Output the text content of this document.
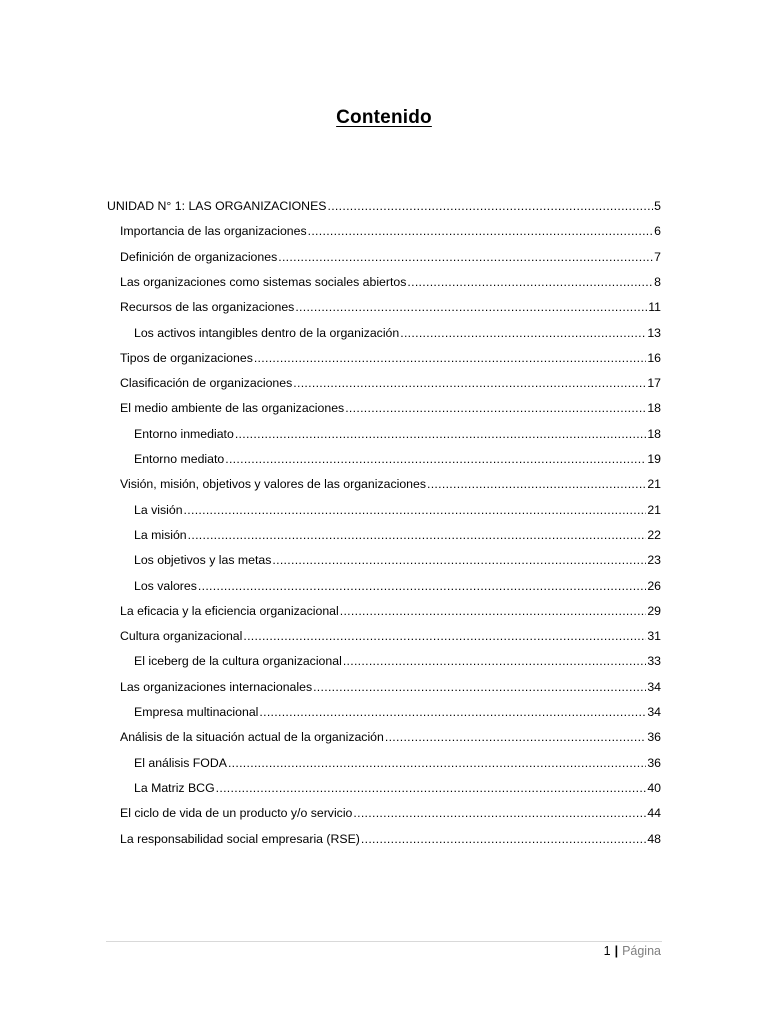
Contenido
UNIDAD N° 1: LAS ORGANIZACIONES .....	5
Importancia de las organizaciones .....	6
Definición de organizaciones .....	7
Las organizaciones como sistemas sociales abiertos .....	8
Recursos de las organizaciones .....	11
Los activos intangibles dentro de la organización .....	13
Tipos de organizaciones .....	16
Clasificación de organizaciones .....	17
El medio ambiente de las organizaciones .....	18
Entorno inmediato .....	18
Entorno mediato .....	19
Visión, misión, objetivos y valores de las organizaciones .....	21
La visión .....	21
La misión .....	22
Los objetivos y las metas .....	23
Los valores .....	26
La eficacia y la eficiencia organizacional .....	29
Cultura organizacional .....	31
El iceberg de la cultura organizacional .....	33
Las organizaciones internacionales .....	34
Empresa multinacional .....	34
Análisis de la situación actual de la organización .....	36
El análisis FODA .....	36
La Matriz BCG .....	40
El ciclo de vida de un producto y/o servicio .....	44
La responsabilidad social empresaria (RSE) .....	48
1 | Página
